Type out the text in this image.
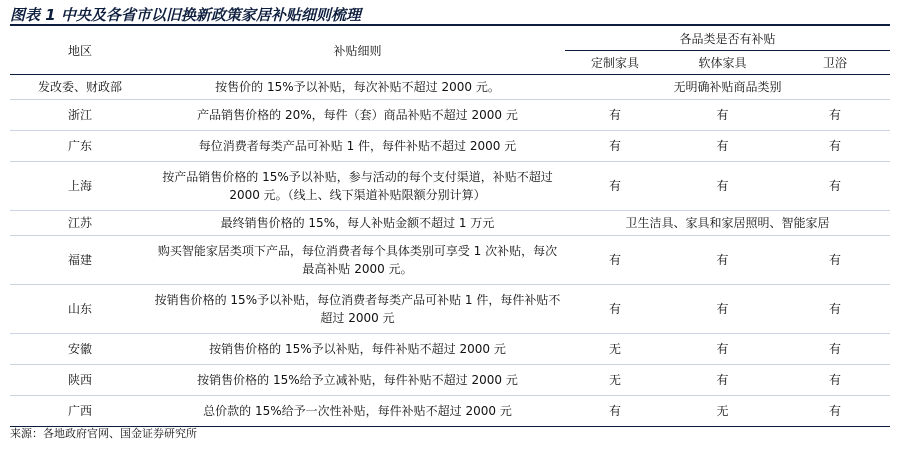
图表 1 中央及各省市以旧换新政策家居补贴细则梳理
地区	补贴细则	各品类是否有补贴		
		定制家具	软体家具	卫浴
发改委、财政部	按售价的 15%予以补贴，每次补贴不超过 2000 元。	无明确补贴商品类别		
浙江	产品销售价格的 20%，每件（套）商品补贴不超过 2000 元	有	有	有
广东	每位消费者每类产品可补贴 1 件，每件补贴不超过 2000 元	有	有	有
上海	按产品销售价格的 15%予以补贴，参与活动的每个支付渠道，补贴不超过 2000 元。（线上、线下渠道补贴限额分别计算）	有	有	有
江苏	最终销售价格的 15%，每人补贴金额不超过 1 万元	卫生洁具、家具和家居照明、智能家居		
福建	购买智能家居类项下产品，每位消费者每个具体类别可享受 1 次补贴，每次最高补贴 2000 元。	有	有	有
山东	按销售价格的 15%予以补贴，每位消费者每类产品可补贴 1 件，每件补贴不超过 2000 元	有	有	有
安徽	按销售价格的 15%予以补贴，每件补贴不超过 2000 元	无	有	有
陕西	按销售价格的 15%给予立减补贴，每件补贴不超过 2000 元	无	有	有
广西	总价款的 15%给予一次性补贴，每件补贴不超过 2000 元	有	无	有
来源：各地政府官网、国金证券研究所
